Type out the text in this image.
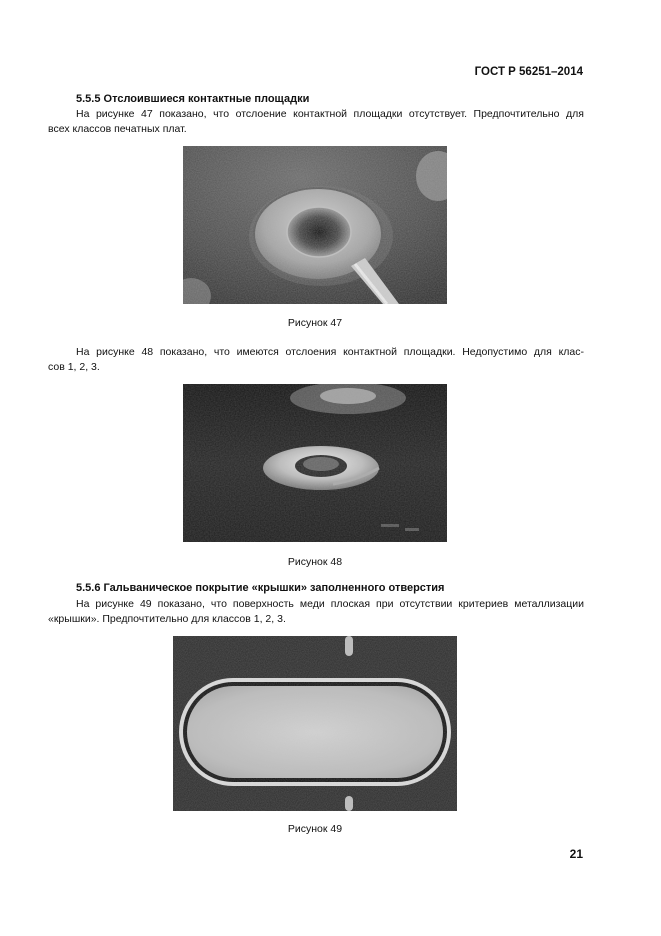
ГОСТ Р 56251–2014
5.5.5 Отслоившиеся контактные площадки
На рисунке 47 показано, что отслоение контактной площадки отсутствует. Предпочтительно для
всех классов печатных плат.
Рисунок 47
На рисунке 48 показано, что имеются отслоения контактной площадки. Недопустимо для клас-
сов 1, 2, 3.
Рисунок 48
5.5.6 Гальваническое покрытие «крышки» заполненного отверстия
На рисунке 49 показано, что поверхность меди плоская при отсутствии критериев металлизации
«крышки». Предпочтительно для классов 1, 2, 3.
Рисунок 49
21
